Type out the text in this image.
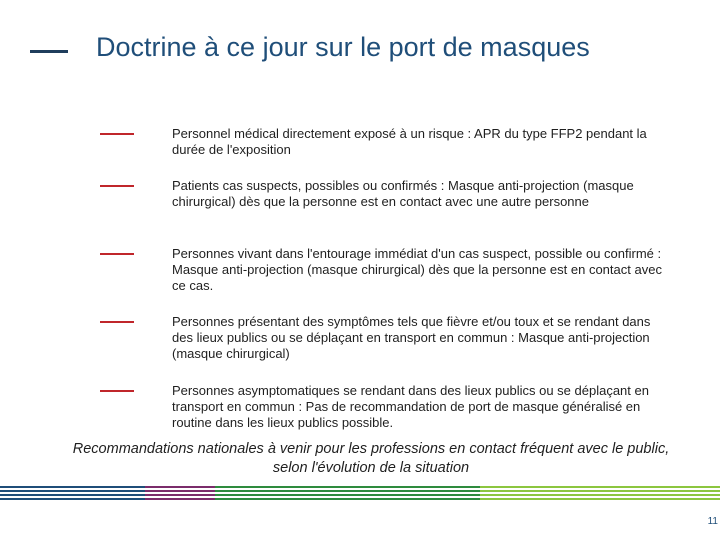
Doctrine à ce jour sur le port de masques
Personnel médical directement exposé à un risque : APR du type FFP2 pendant la durée de l'exposition
Patients cas suspects, possibles ou confirmés : Masque anti-projection (masque chirurgical) dès que la personne est en contact avec une autre personne
Personnes vivant dans l'entourage immédiat d'un cas suspect, possible ou confirmé : Masque anti-projection (masque chirurgical) dès que la personne est en contact avec ce cas.
Personnes présentant des symptômes tels que fièvre et/ou toux et se rendant dans des lieux publics ou se déplaçant en transport en commun : Masque anti-projection (masque chirurgical)
Personnes asymptomatiques se rendant dans des lieux publics ou se déplaçant en transport en commun : Pas de recommandation de port de masque généralisé en routine dans les lieux publics possible.
Recommandations nationales à venir pour les professions en contact fréquent avec le public, selon l'évolution de la situation
11
